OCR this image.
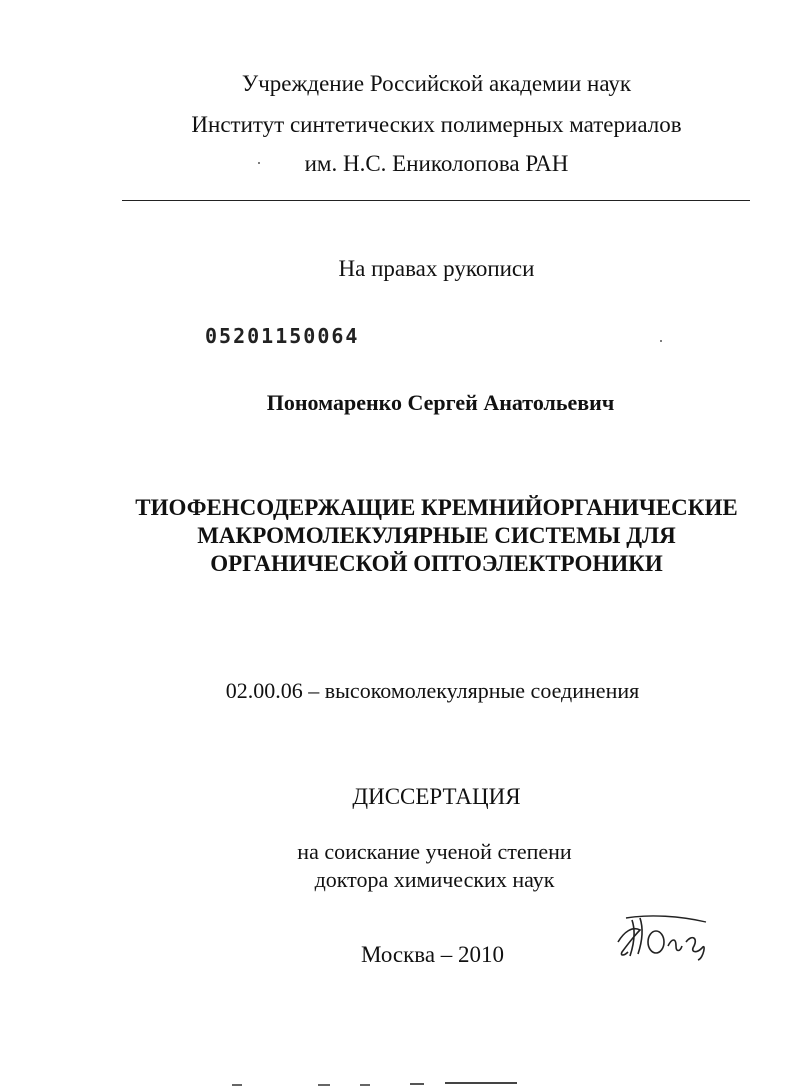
Учреждение Российской академии наук
Институт синтетических полимерных материалов
им. Н.С. Ениколопова РАН
На правах рукописи
05201150064
Пономаренко Сергей Анатольевич
ТИОФЕНСОДЕРЖАЩИЕ КРЕМНИЙОРГАНИЧЕСКИЕ
МАКРОМОЛЕКУЛЯРНЫЕ СИСТЕМЫ ДЛЯ
ОРГАНИЧЕСКОЙ ОПТОЭЛЕКТРОНИКИ
02.00.06 – высокомолекулярные соединения
ДИССЕРТАЦИЯ
на соискание ученой степени
доктора химических наук
Москва – 2010
